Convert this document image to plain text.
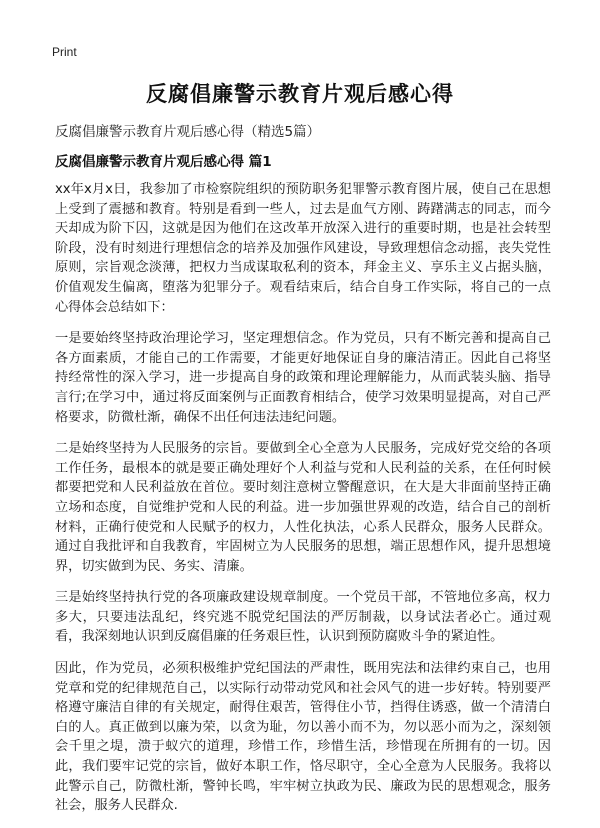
Print
反腐倡廉警示教育片观后感心得
反腐倡廉警示教育片观后感心得（精选5篇）
反腐倡廉警示教育片观后感心得 篇1

xx年x月x日，我参加了市检察院组织的预防职务犯罪警示教育图片展，使自己在思想上受到了震撼和教育。特别是看到一些人，过去是血气方刚、踌躇满志的同志，而今天却成为阶下囚，这就是因为他们在这改革开放深入进行的重要时期，也是社会转型阶段，没有时刻进行理想信念的培养及加强作风建设，导致理想信念动摇，丧失党性原则，宗旨观念淡薄，把权力当成谋取私利的资本，拜金主义、享乐主义占据头脑，价值观发生偏离，堕落为犯罪分子。观看结束后，结合自身工作实际，将自己的一点心得体会总结如下：

一是要始终坚持政治理论学习，坚定理想信念。作为党员，只有不断完善和提高自己各方面素质，才能自己的工作需要，才能更好地保证自身的廉洁清正。因此自己将坚持经常性的深入学习，进一步提高自身的政策和理论理解能力，从而武装头脑、指导言行;在学习中，通过将反面案例与正面教育相结合，使学习效果明显提高，对自己严格要求，防微杜渐，确保不出任何违法违纪问题。

二是始终坚持为人民服务的宗旨。要做到全心全意为人民服务，完成好党交给的各项工作任务，最根本的就是要正确处理好个人利益与党和人民利益的关系，在任何时候都要把党和人民利益放在首位。要时刻注意树立警醒意识，在大是大非面前坚持正确立场和态度，自觉维护党和人民的利益。进一步加强世界观的改造，结合自己的剖析材料，正确行使党和人民赋予的权力，人性化执法，心系人民群众，服务人民群众。通过自我批评和自我教育，牢固树立为人民服务的思想，端正思想作风，提升思想境界，切实做到为民、务实、清廉。

三是始终坚持执行党的各项廉政建设规章制度。一个党员干部，不管地位多高，权力多大，只要违法乱纪，终究逃不脱党纪国法的严厉制裁，以身试法者必亡。通过观看，我深刻地认识到反腐倡廉的任务艰巨性，认识到预防腐败斗争的紧迫性。

因此，作为党员，必须积极维护党纪国法的严肃性，既用宪法和法律约束自己，也用党章和党的纪律规范自己，以实际行动带动党风和社会风气的进一步好转。特别要严格遵守廉洁自律的有关规定，耐得住艰苦，管得住小节，挡得住诱惑，做一个清清白白的人。真正做到以廉为荣，以贪为耻，勿以善小而不为，勿以恶小而为之，深刻领会千里之堤，溃于蚁穴的道理，珍惜工作，珍惜生活，珍惜现在所拥有的一切。因此，我们要牢记党的宗旨，做好本职工作，恪尽职守，全心全意为人民服务。我将以此警示自己，防微杜渐，警钟长鸣，牢牢树立执政为民、廉政为民的思想观念，服务社会，服务人民群众.
